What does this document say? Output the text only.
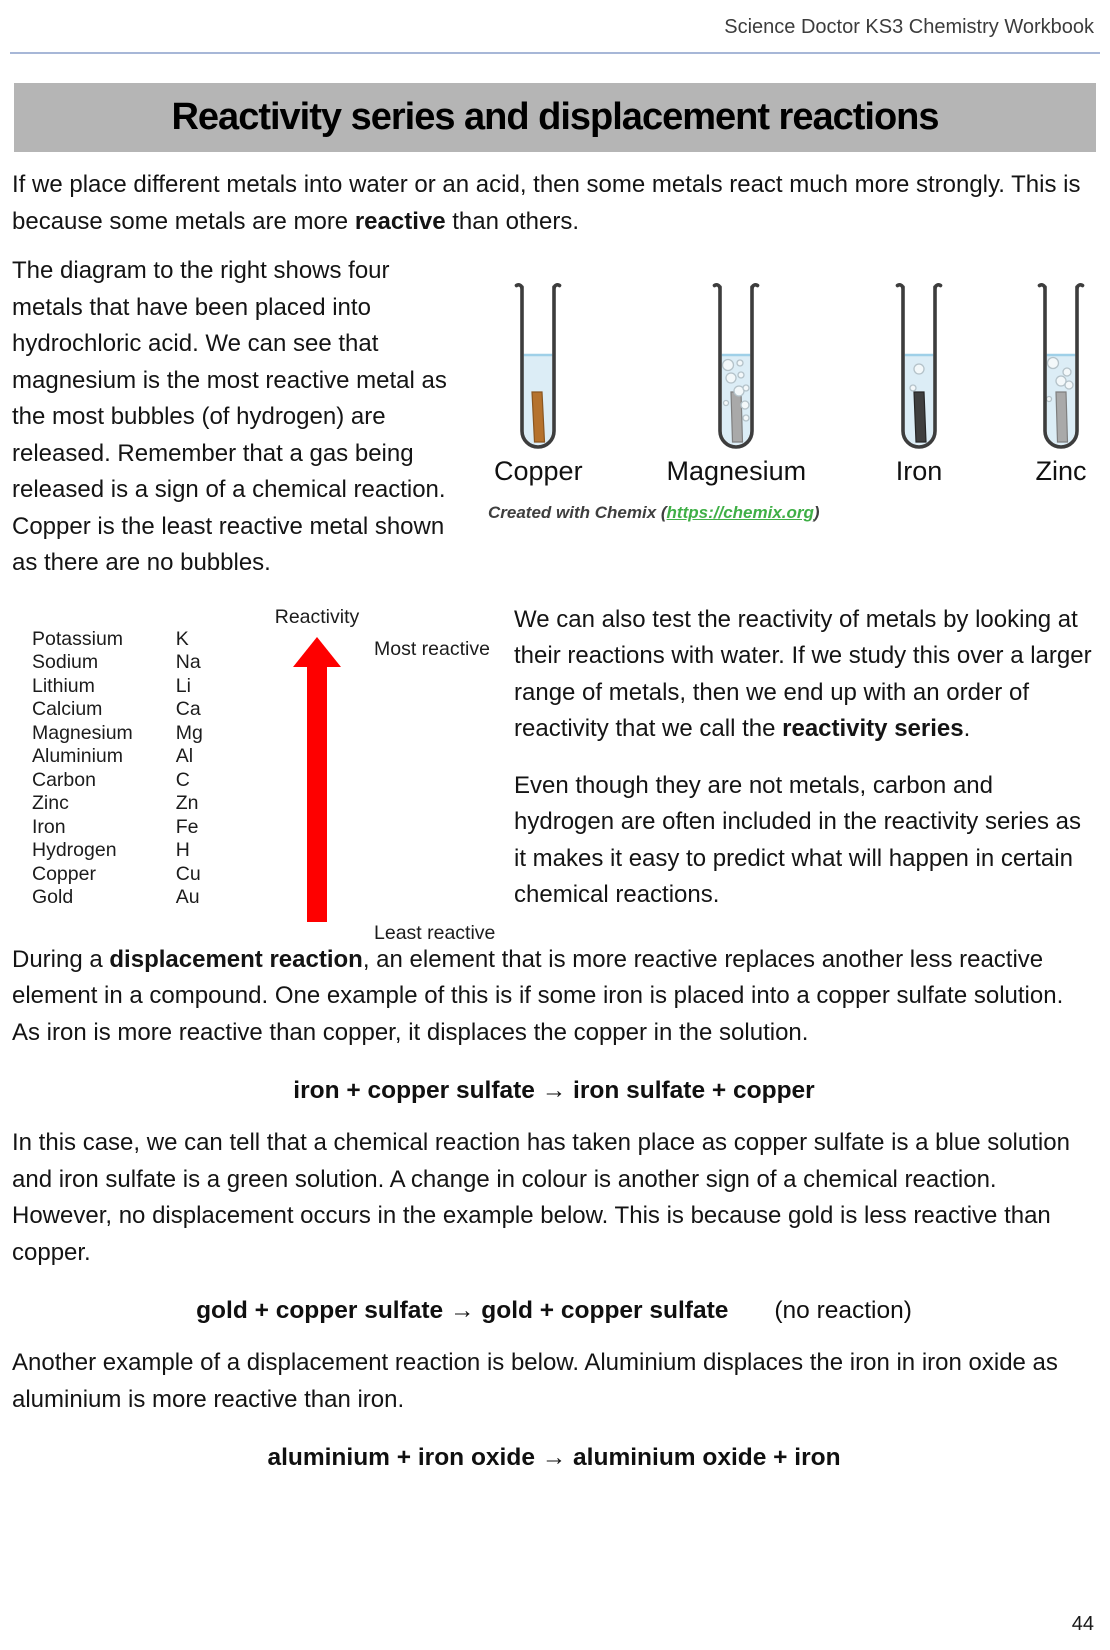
Science Doctor KS3 Chemistry Workbook
Reactivity series and displacement reactions

If we place different metals into water or an acid, then some metals react much more strongly. This is because some metals are more reactive than others.

The diagram to the right shows four metals that have been placed into hydrochloric acid. We can see that magnesium is the most reactive metal as the most bubbles (of hydrogen) are released. Remember that a gas being released is a sign of a chemical reaction. Copper is the least reactive metal shown as there are no bubbles.

Copper	Magnesium	Iron	Zinc
Created with Chemix (https://chemix.org)
Potassium	K
Sodium	Na
Lithium	Li
Calcium	Ca
Magnesium	Mg
Aluminium	Al
Carbon	C
Zinc	Zn
Iron	Fe
Hydrogen	H
Copper	Cu
Gold	Au
Reactivity
Most reactive
Least reactive

We can also test the reactivity of metals by looking at their reactions with water. If we study this over a larger range of metals, then we end up with an order of reactivity that we call the reactivity series.

Even though they are not metals, carbon and hydrogen are often included in the reactivity series as it makes it easy to predict what will happen in certain chemical reactions.

During a displacement reaction, an element that is more reactive replaces another less reactive element in a compound. One example of this is if some iron is placed into a copper sulfate solution. As iron is more reactive than copper, it displaces the copper in the solution.

iron + copper sulfate → iron sulfate + copper

In this case, we can tell that a chemical reaction has taken place as copper sulfate is a blue solution and iron sulfate is a green solution. A change in colour is another sign of a chemical reaction. However, no displacement occurs in the example below. This is because gold is less reactive than copper.

gold + copper sulfate → gold + copper sulfate (no reaction)

Another example of a displacement reaction is below. Aluminium displaces the iron in iron oxide as aluminium is more reactive than iron.

aluminium + iron oxide → aluminium oxide + iron

44
